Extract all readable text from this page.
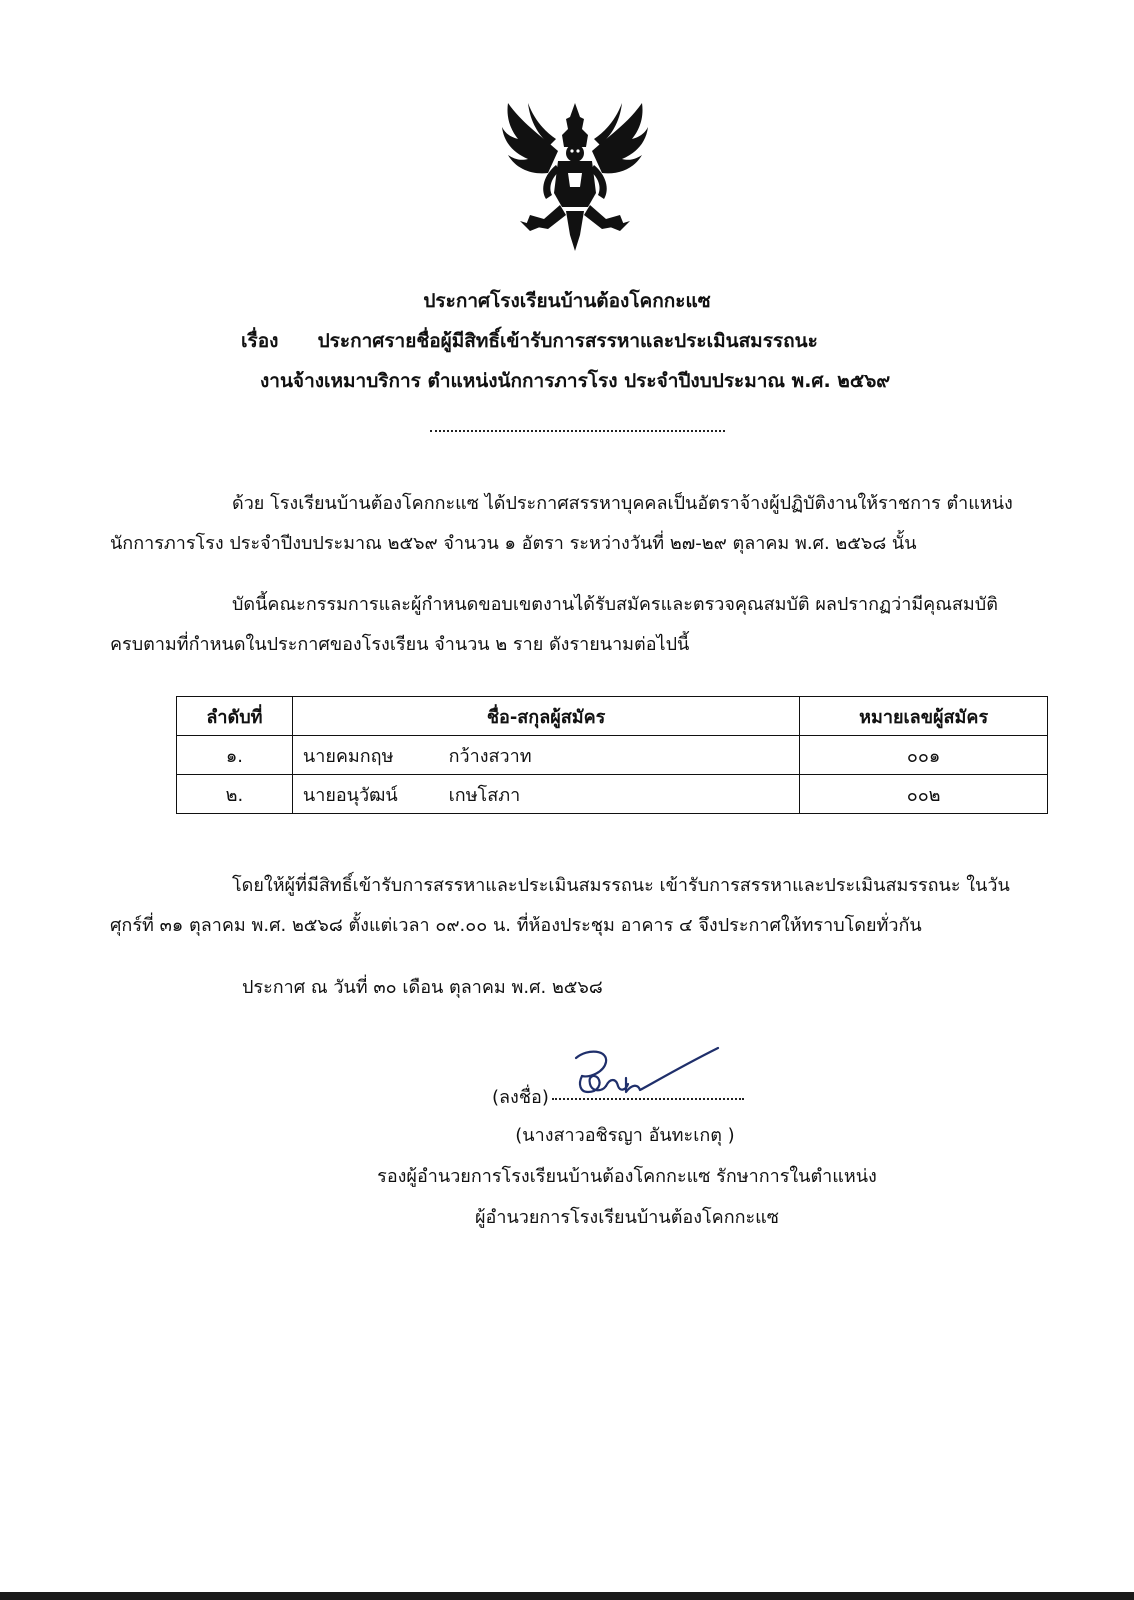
ประกาศโรงเรียนบ้านต้องโคกกะแซ
เรื่อง ประกาศรายชื่อผู้มีสิทธิ์เข้ารับการสรรหาและประเมินสมรรถนะ
งานจ้างเหมาบริการ ตำแหน่งนักการภารโรง ประจำปีงบประมาณ พ.ศ. ๒๕๖๙
ด้วย โรงเรียนบ้านต้องโคกกะแซ ได้ประกาศสรรหาบุคคลเป็นอัตราจ้างผู้ปฏิบัติงานให้ราชการ ตำแหน่ง
นักการภารโรง ประจำปีงบประมาณ ๒๕๖๙ จำนวน ๑ อัตรา ระหว่างวันที่ ๒๗-๒๙ ตุลาคม พ.ศ. ๒๕๖๘ นั้น
บัดนี้คณะกรรมการและผู้กำหนดขอบเขตงานได้รับสมัครและตรวจคุณสมบัติ ผลปรากฏว่ามีคุณสมบัติ
ครบตามที่กำหนดในประกาศของโรงเรียน จำนวน ๒ ราย ดังรายนามต่อไปนี้
ลำดับที่	ชื่อ-สกุลผู้สมัคร	หมายเลขผู้สมัคร
๑.	นายคมกฤษ กว้างสวาท	๐๐๑
๒.	นายอนุวัฒน์ เกษโสภา	๐๐๒
โดยให้ผู้ที่มีสิทธิ์เข้ารับการสรรหาและประเมินสมรรถนะ เข้ารับการสรรหาและประเมินสมรรถนะ ในวัน
ศุกร์ที่ ๓๑ ตุลาคม พ.ศ. ๒๕๖๘ ตั้งแต่เวลา ๐๙.๐๐ น. ที่ห้องประชุม อาคาร ๔ จึงประกาศให้ทราบโดยทั่วกัน
ประกาศ ณ วันที่ ๓๐ เดือน ตุลาคม พ.ศ. ๒๕๖๘
(ลงชื่อ)
(นางสาวอชิรญา อันทะเกตุ )
รองผู้อำนวยการโรงเรียนบ้านต้องโคกกะแซ รักษาการในตำแหน่ง
ผู้อำนวยการโรงเรียนบ้านต้องโคกกะแซ
